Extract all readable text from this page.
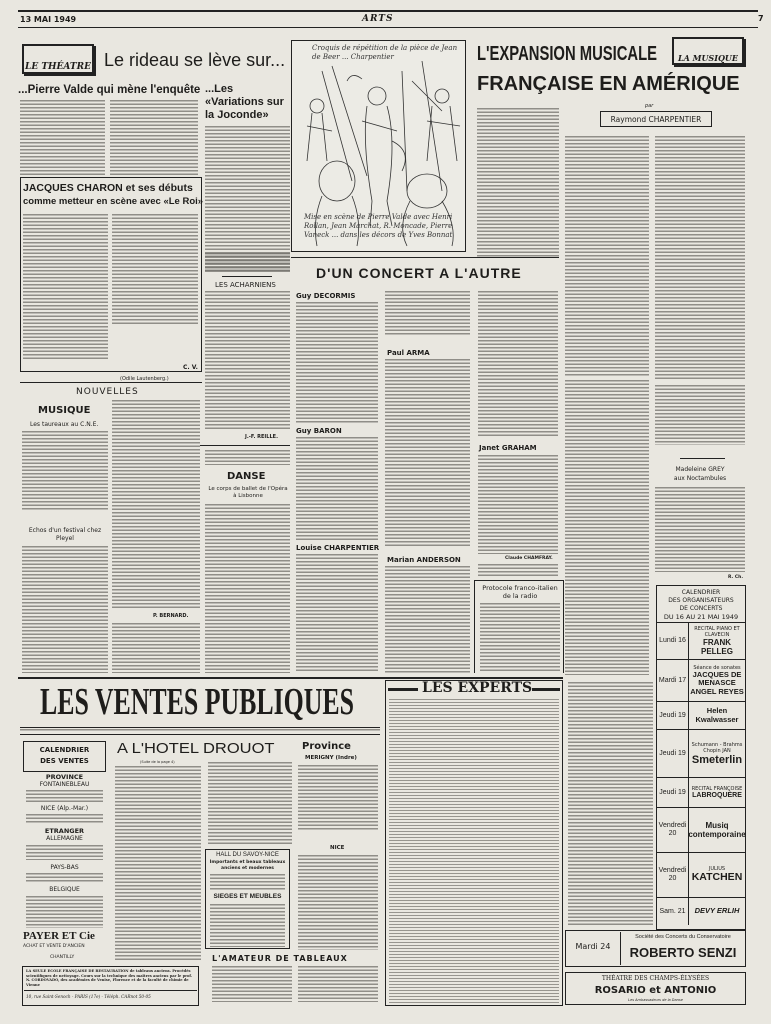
13 MAI 1949	ARTS	7
LE THÉATRE Le rideau se lève sur...
...Pierre Valde qui mène l'enquête ...Les «Variations sur la Joconde»
JACQUES CHARON et ses débuts
comme metteur en scène avec «Le Roi»
C. V.
(Odile Lautenberg.)
LES ACHARNIENS
J.-F. REILLE.
Croquis de répétition de la pièce de Jean de Beer ... Charpentier
Mise en scène de Pierre Valde avec Henri Rollan, Jean Marchat, R. Moncade, Pierre Vaneck ... dans les décors de Yves Bonnat
NOUVELLES
MUSIQUE
Les taureaux au C.N.E.
Echos d'un festival chez Pleyel
P. BERNARD.
DANSE
Le corps de ballet de l'Opéra à Lisbonne
L'EXPANSION MUSICALE
FRANÇAISE EN AMÉRIQUE
LA MUSIQUE
par
Raymond CHARPENTIER
Madeleine GREY
aux Noctambules
R. Ch.
D'UN CONCERT A L'AUTRE
Guy DECORMIS
Guy BARON
Louise CHARPENTIER
Paul ARMA
Marian ANDERSON
Janet GRAHAM
Claude CHAMFRAY.
Protocole franco-italien de la radio	CALENDRIER
DES ORGANISATEURS
DE CONCERTS
DU 16 AU 21 MAI 1949
Lundi 16
RECITAL PIANO ET CLAVECIN
FRANK PELLEG
Mardi 17
Séance de sonates
JACQUES DE MENASCE ANGEL REYES
Jeudi 19	Helen Kwalwasser
Jeudi 19
Schumann - Brahms Chopin JAN
Smeterlin
Jeudi 19	RECITAL FRANÇOISE
LABROQUÈRE
Vendredi 20
Musiq contemporaine
Vendredi 20
JULIUS
KATCHEN
Sam. 21	DEVY ERLIH
Mardi 24
Société des Concerts du Conservatoire
ROBERTO SENZI
THÉATRE DES CHAMPS-ÉLYSÉES
ROSARIO et ANTONIO
Les Ambassadeurs de la Danse
LES VENTES PUBLIQUES
CALENDRIER
DES VENTES
PROVINCE
FONTAINEBLEAU
NICE (Alp.-Mar.)
ETRANGER
ALLEMAGNE
PAYS-BAS
BELGIQUE
PAYER ET Cie
ACHAT ET VENTE D'ANCIEN
CHANTILLY
A L'HOTEL DROUOT
(Suite de la page 4)
HALL DU SAVOY-NICE
Importants et beaux tableaux anciens et modernes
SIEGES ET MEUBLES
Province
MERIGNY (Indre)
NICE
L'AMATEUR DE TABLEAUX
LA SEULE ECOLE FRANÇAISE DE RESTAURATION de tableaux anciens. Procédés scientifiques de nettoyage. Cours sur la technique des maîtres anciens par le prof. N. CORDOVADO, des académies de Venise, Florence et de la faculté de chimie de Vienne
10, rue Saint-Senoch - PARIS (17e) - Téléph. CARnot 50-05
LES EXPERTS
